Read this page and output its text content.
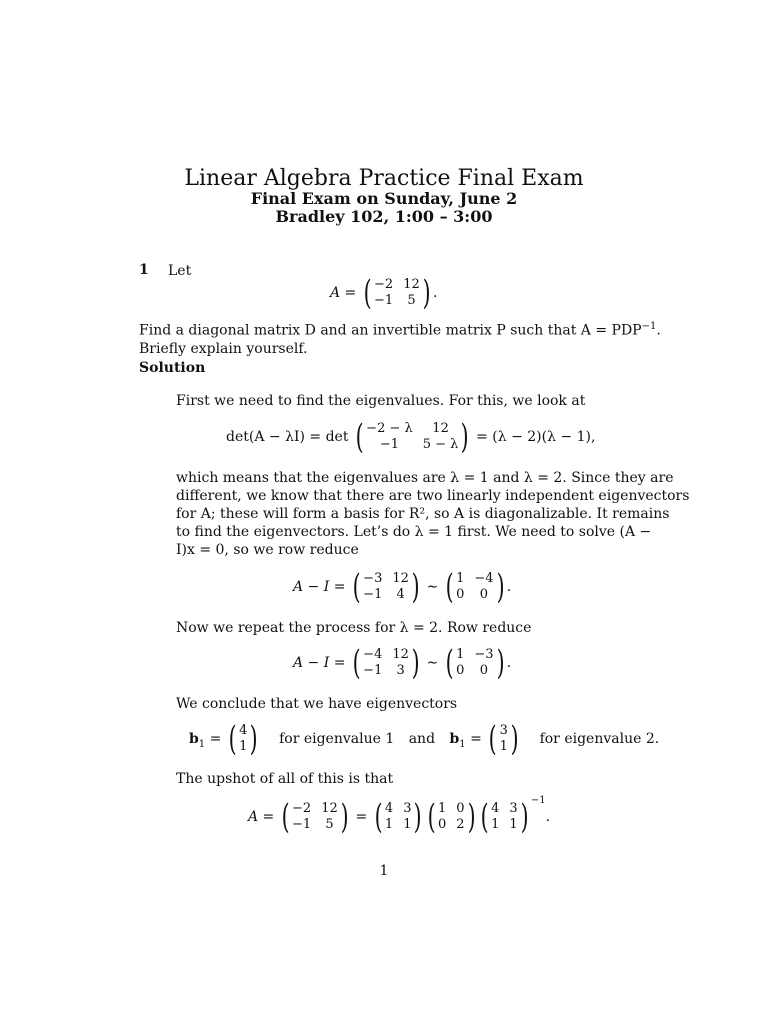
Linear Algebra Practice Final Exam
Final Exam on Sunday, June 2
Bradley 102, 1:00 – 3:00
1 Let
A = ( −2 12
−1	5 ) .
Find a diagonal matrix D and an invertible matrix P such that $A = PDP^{-1}$.
Briefly explain yourself.
Solution
First we need to find the eigenvalues. For this, we look at
det(A − λI) = det ( −2 − λ	12
−1	5 − λ ) = (λ − 2)(λ − 1),
which means that the eigenvalues are λ = 1 and λ = 2. Since they are
different, we know that there are two linearly independent eigenvectors
for A; these will form a basis for R², so A is diagonalizable. It remains
to find the eigenvectors. Let’s do λ = 1 first. We need to solve (A −
I)x = 0, so we row reduce
A − I = ( −3 12
−1	4 ) ∼ ( 1 −4
0	0 ) .
Now we repeat the process for λ = 2. Row reduce
A − I = ( −4 12
−1	3 ) ∼ ( 1 −3
0	0 ) .
We conclude that we have eigenvectors
$b_1$ = ( 4
1 ) for eigenvalue 1 and $b_1$ = ( 3
1 ) for eigenvalue 2.
The upshot of all of this is that
A = ( −2 12
−1	5 ) = ( 4 3
1 1 ) ( 1 0
0 2 ) ( 4 3
1 1 ) $^{-1}$.
1
